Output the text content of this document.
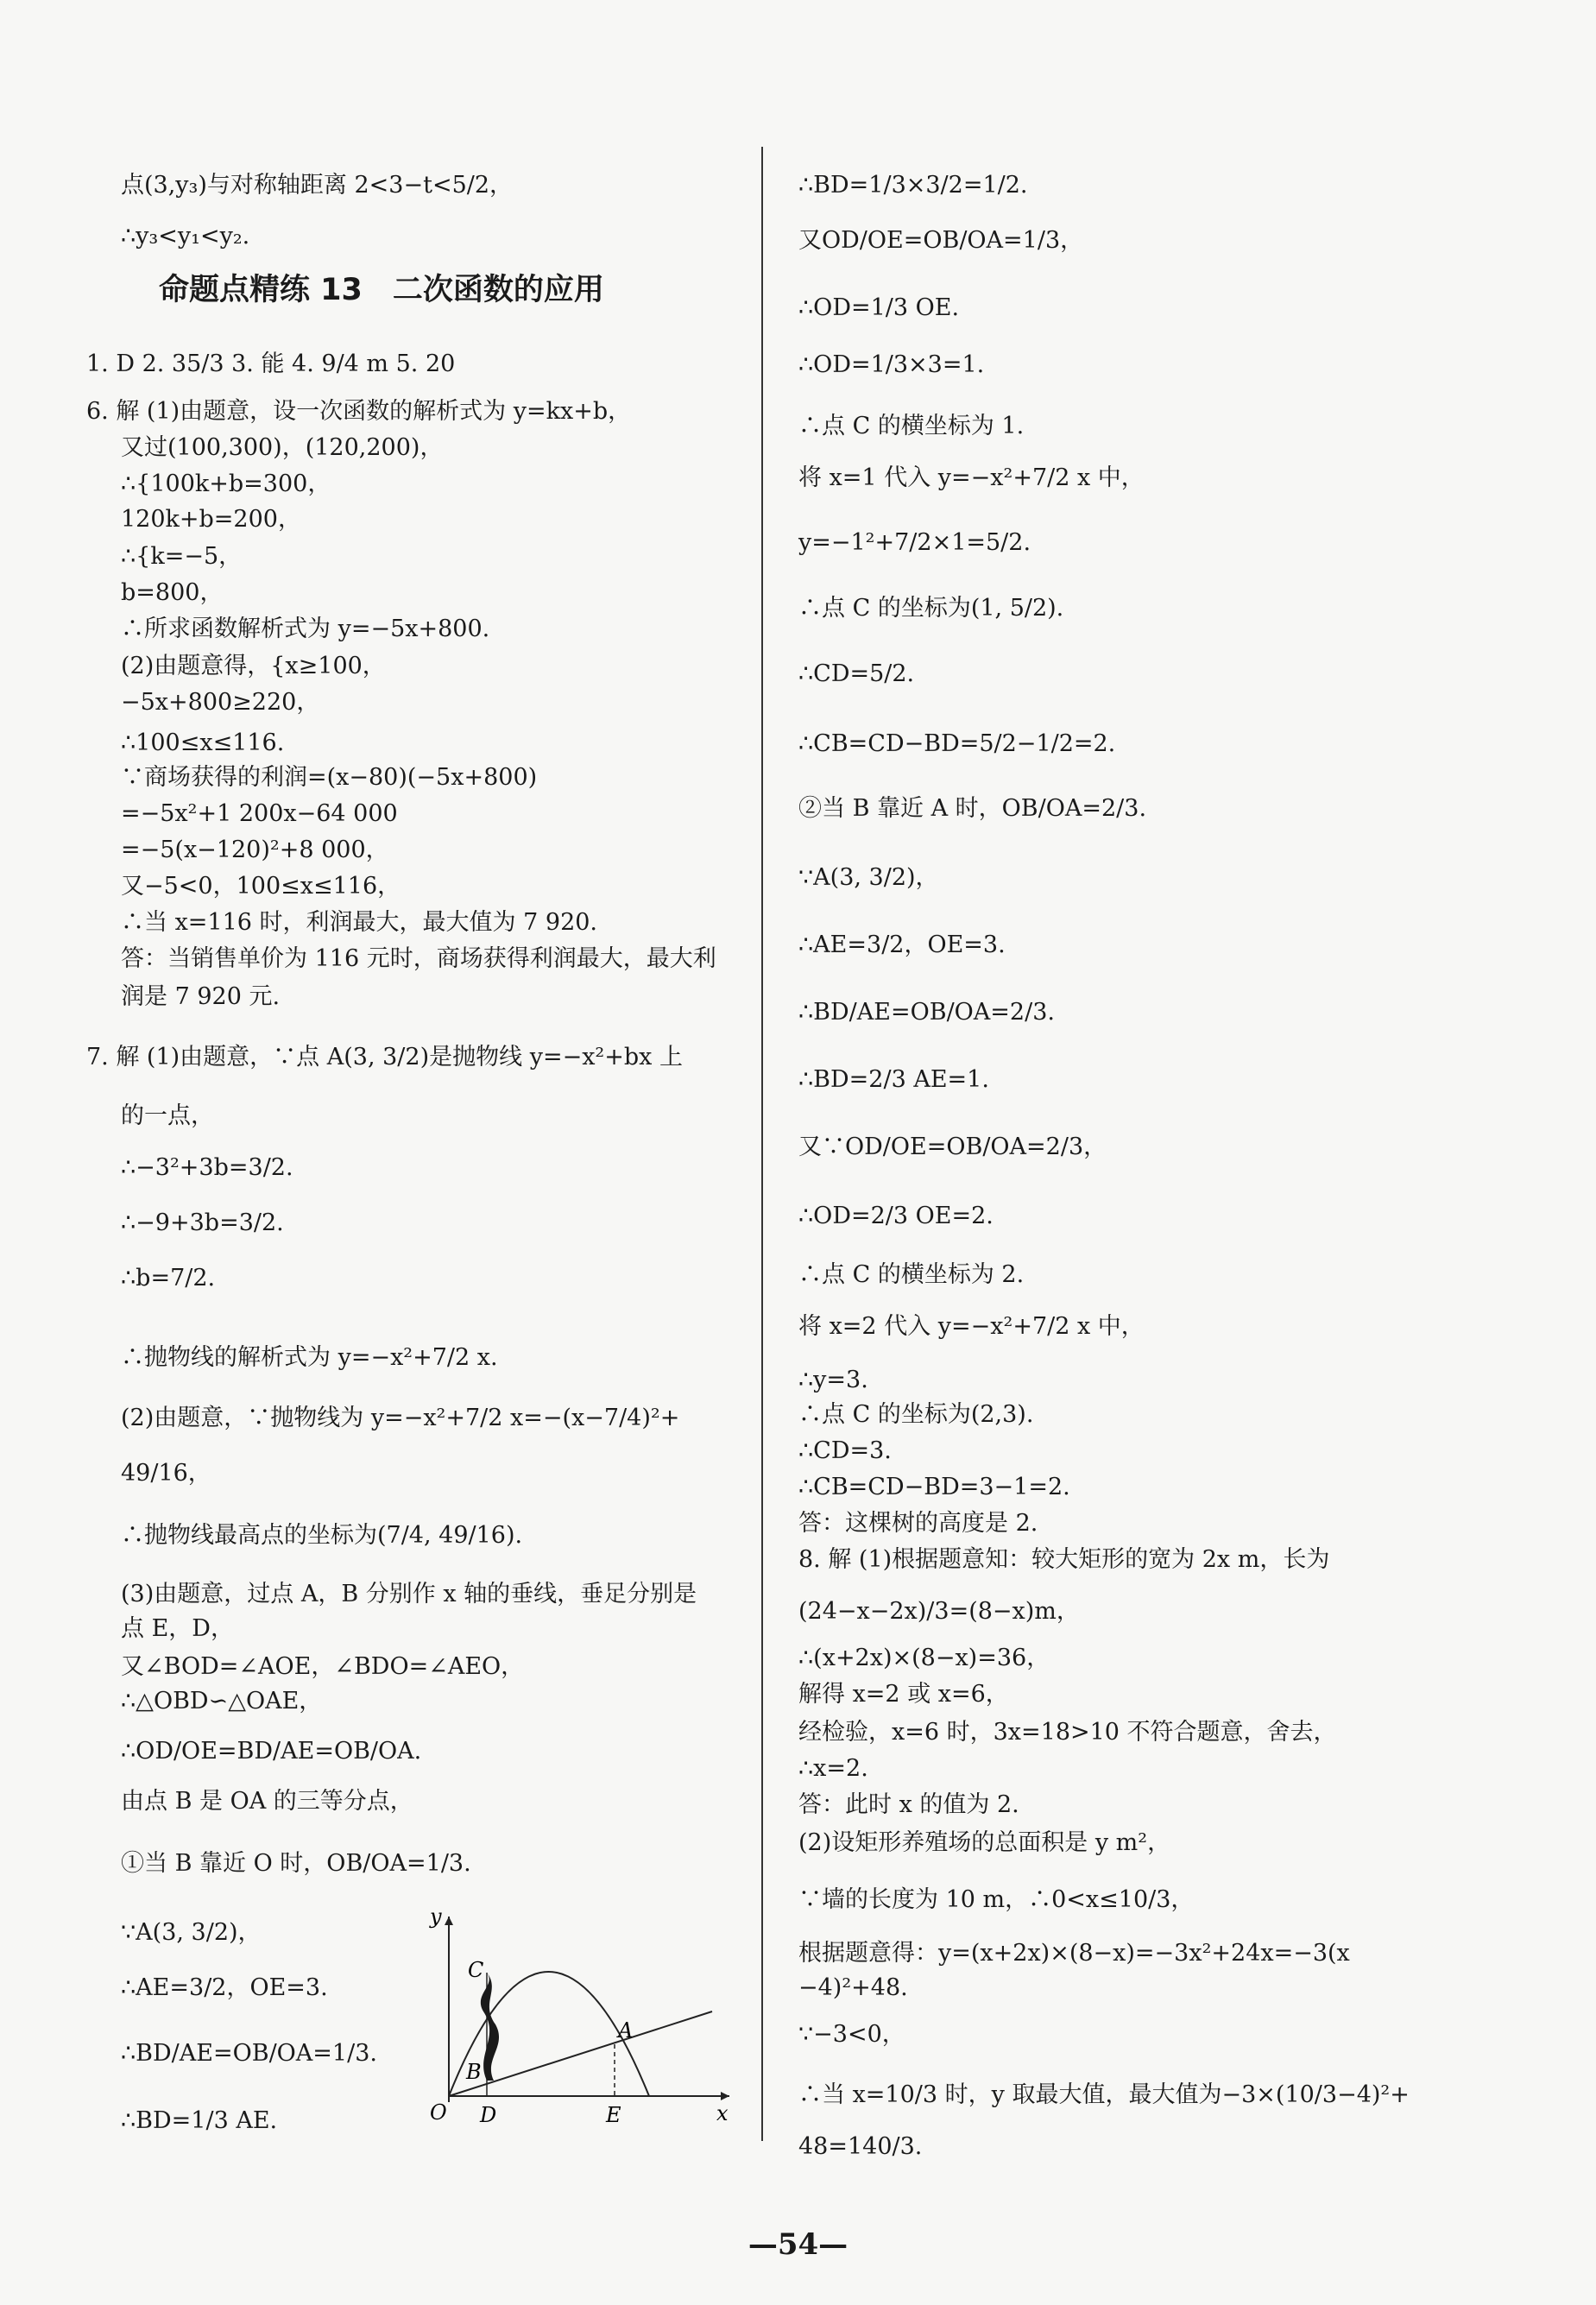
点(3,y₃)与对称轴距离 2<3−t<5/2，
∴y₃<y₁<y₂.
1. D 2. 35/3 3. 能 4. 9/4 m 5. 20
6. 解 (1)由题意，设一次函数的解析式为 y=kx+b，
又过(100,300)，(120,200)，
∴{100k+b=300，
120k+b=200，
∴{k=−5，
b=800，
∴所求函数解析式为 y=−5x+800.
(2)由题意得，{x≥100，
−5x+800≥220，
∴100≤x≤116.
∵商场获得的利润=(x−80)(−5x+800)
=−5x²+1 200x−64 000
=−5(x−120)²+8 000，
又−5<0，100≤x≤116，
∴当 x=116 时，利润最大，最大值为 7 920.
答：当销售单价为 116 元时，商场获得利润最大，最大利
润是 7 920 元.
7. 解 (1)由题意，∵点 A(3, 3/2)是抛物线 y=−x²+bx 上
的一点，
∴−3²+3b=3/2.
∴−9+3b=3/2.
∴b=7/2.
∴抛物线的解析式为 y=−x²+7/2 x.
(2)由题意，∵抛物线为 y=−x²+7/2 x=−(x−7/4)²+
49/16，
∴抛物线最高点的坐标为(7/4, 49/16).
(3)由题意，过点 A，B 分别作 x 轴的垂线，垂足分别是
点 E，D，
又∠BOD=∠AOE，∠BDO=∠AEO，
∴△OBD∽△OAE，
∴OD/OE=BD/AE=OB/OA.
由点 B 是 OA 的三等分点，
①当 B 靠近 O 时，OB/OA=1/3.
∵A(3, 3/2)，
∴AE=3/2，OE=3.
∴BD/AE=OB/OA=1/3.
∴BD=1/3 AE.
命题点精练 13　二次函数的应用
∴BD=1/3×3/2=1/2.
又OD/OE=OB/OA=1/3，
∴OD=1/3 OE.
∴OD=1/3×3=1.
∴点 C 的横坐标为 1.
将 x=1 代入 y=−x²+7/2 x 中，
y=−1²+7/2×1=5/2.
∴点 C 的坐标为(1, 5/2).
∴CD=5/2.
∴CB=CD−BD=5/2−1/2=2.
②当 B 靠近 A 时，OB/OA=2/3.
∵A(3, 3/2)，
∴AE=3/2，OE=3.
∴BD/AE=OB/OA=2/3.
∴BD=2/3 AE=1.
又∵OD/OE=OB/OA=2/3，
∴OD=2/3 OE=2.
∴点 C 的横坐标为 2.
将 x=2 代入 y=−x²+7/2 x 中，
∴y=3.
∴点 C 的坐标为(2,3).
∴CD=3.
∴CB=CD−BD=3−1=2.
答：这棵树的高度是 2.
8. 解 (1)根据题意知：较大矩形的宽为 2x m，长为
(24−x−2x)/3=(8−x)m，
∴(x+2x)×(8−x)=36，
解得 x=2 或 x=6，
经检验，x=6 时，3x=18>10 不符合题意，舍去，
∴x=2.
答：此时 x 的值为 2.
(2)设矩形养殖场的总面积是 y m²，
∵墙的长度为 10 m，∴0<x≤10/3，
根据题意得：y=(x+2x)×(8−x)=−3x²+24x=−3(x
−4)²+48.
∵−3<0，
∴当 x=10/3 时，y 取最大值，最大值为−3×(10/3−4)²+
48=140/3.
O D	E	x
y
A
B
C
—54—
